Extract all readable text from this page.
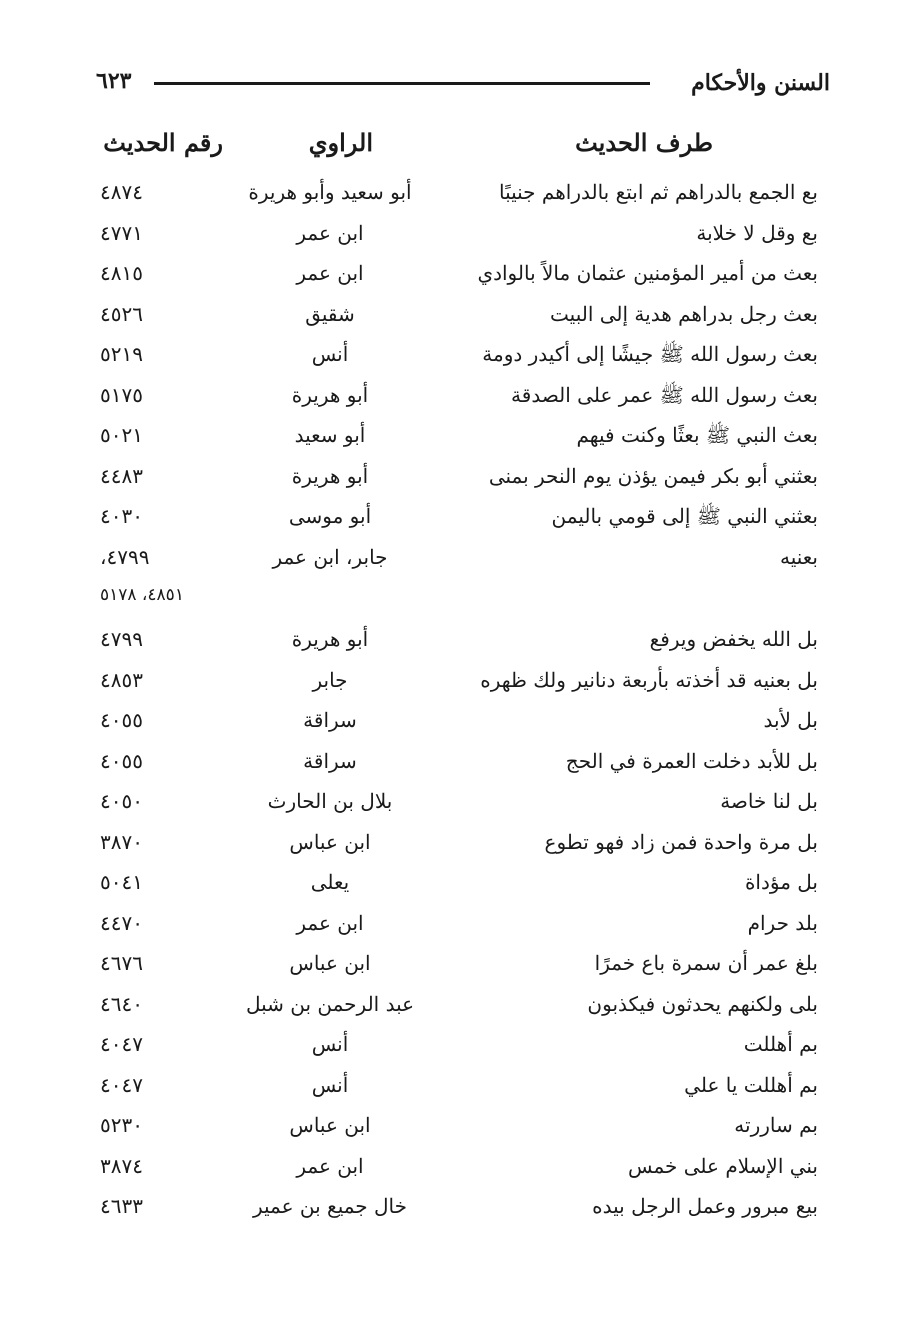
السنن والأحكام
٦٢٣
طرف الحديث
الراوي
رقم الحديث
بع الجمع بالدراهم ثم ابتع بالدراهم جنيبًا
أبو سعيد وأبو هريرة
٤٨٧٤
بع وقل لا خلابة
ابن عمر
٤٧٧١
بعث من أمير المؤمنين عثمان مالاً بالوادي
ابن عمر
٤٨١٥
بعث رجل بدراهم هدية إلى البيت
شقيق
٤٥٢٦
بعث رسول الله ﷺ جيشًا إلى أكيدر دومة
أنس
٥٢١٩
بعث رسول الله ﷺ عمر على الصدقة
أبو هريرة
٥١٧٥
بعث النبي ﷺ بعثًا وكنت فيهم
أبو سعيد
٥٠٢١
بعثني أبو بكر فيمن يؤذن يوم النحر بمنى
أبو هريرة
٤٤٨٣
بعثني النبي ﷺ إلى قومي باليمن
أبو موسى
٤٠٣٠
بعنيه
جابر، ابن عمر
٤٧٩٩،
٤٨٥١، ٥١٧٨
بل الله يخفض ويرفع
أبو هريرة
٤٧٩٩
بل بعنيه قد أخذته بأربعة دنانير ولك ظهره
جابر
٤٨٥٣
بل لأبد
سراقة
٤٠٥٥
بل للأبد دخلت العمرة في الحج
سراقة
٤٠٥٥
بل لنا خاصة
بلال بن الحارث
٤٠٥٠
بل مرة واحدة فمن زاد فهو تطوع
ابن عباس
٣٨٧٠
بل مؤداة
يعلى
٥٠٤١
بلد حرام
ابن عمر
٤٤٧٠
بلغ عمر أن سمرة باع خمرًا
ابن عباس
٤٦٧٦
بلى ولكنهم يحدثون فيكذبون
عبد الرحمن بن شبل
٤٦٤٠
بم أهللت
أنس
٤٠٤٧
بم أهللت يا علي
أنس
٤٠٤٧
بم ساررته
ابن عباس
٥٢٣٠
بني الإسلام على خمس
ابن عمر
٣٨٧٤
بيع مبرور وعمل الرجل بيده
خال جميع بن عمير
٤٦٣٣
